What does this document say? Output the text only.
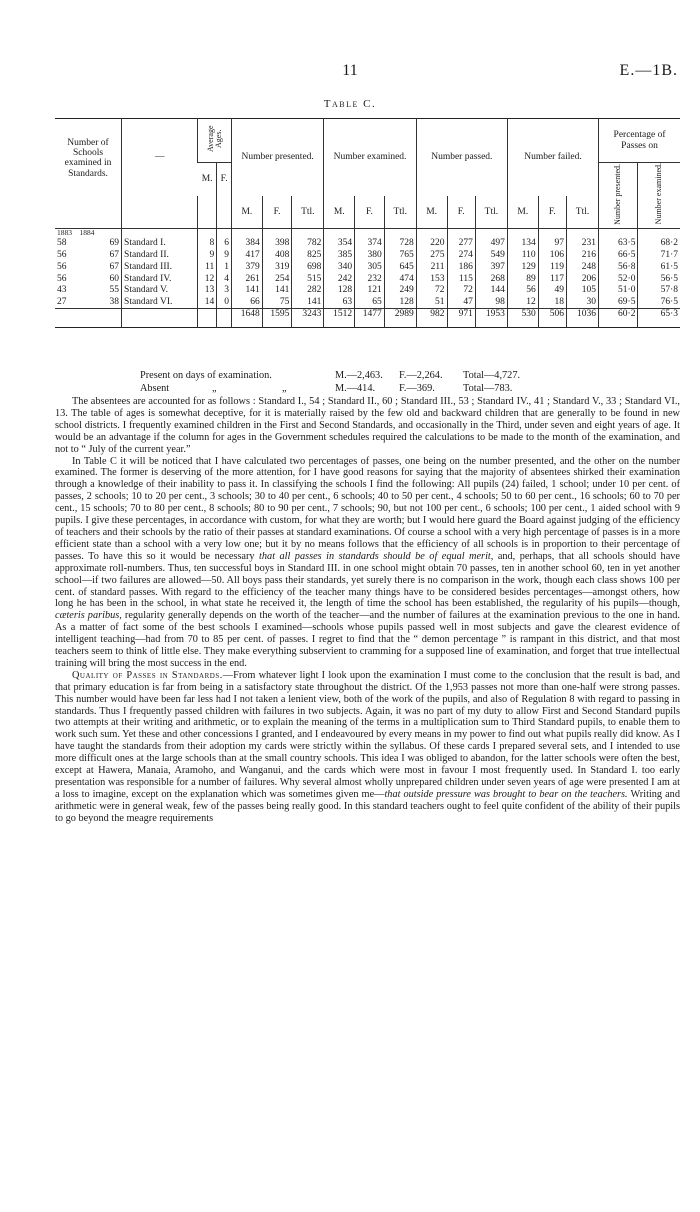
11	E.—1B.
Table C.
Number of Schools examined in Standards.	—	Average Ages.		Number presented.			Number examined.			Number passed.			Number failed.			Percentage of Passes on	
		M.	F.													Number presented.	Number examined.
				M.	F.	Ttl.	M.	F.	Ttl.	M.	F.	Ttl.	M.	F.	Ttl.		
1883 1884																	
58 69	Standard I.	8	6	384	398	782	354	374	728	220	277	497	134	97	231	63·5	68·2
56 67	Standard II.	9	9	417	408	825	385	380	765	275	274	549	110	106	216	66·5	71·7
56 67	Standard III.	11	1	379	319	698	340	305	645	211	186	397	129	119	248	56·8	61·5
56 60	Standard IV.	12	4	261	254	515	242	232	474	153	115	268	89	117	206	52·0	56·5
43 55	Standard V.	13	3	141	141	282	128	121	249	72	72	144	56	49	105	51·0	57·8
27 38	Standard VI.	14	0	66	75	141	63	65	128	51	47	98	12	18	30	69·5	76·5
				1648	1595	3243	1512	1477	2989	982	971	1953	530	506	1036	60·2	65·3

Present on days of examination.	M.—2,463. F.—2,264. Total—4,727.
Absent	„	„	M.—414. F.—369.	Total—783.

The absentees are accounted for as follows : Standard I., 54 ; Standard II., 60 ; Standard III., 53 ; Standard IV., 41 ; Standard V., 33 ; Standard VI., 13. The table of ages is somewhat deceptive, for it is materially raised by the few old and backward children that are generally to be found in new school districts. I frequently examined children in the First and Second Standards, and occasionally in the Third, under seven and eight years of age. It would be an advantage if the column for ages in the Government schedules required the calculations to be made to the month of the examination, and not to “ July of the current year.”

In Table C it will be noticed that I have calculated two percentages of passes, one being on the number presented, and the other on the number examined. The former is deserving of the more attention, for I have good reasons for saying that the majority of absentees shirked their examination through a knowledge of their inability to pass it. In classifying the schools I find the following: All pupils (24) failed, 1 school; under 10 per cent. of passes, 2 schools; 10 to 20 per cent., 3 schools; 30 to 40 per cent., 6 schools; 40 to 50 per cent., 4 schools; 50 to 60 per cent., 16 schools; 60 to 70 per cent., 15 schools; 70 to 80 per cent., 8 schools; 80 to 90 per cent., 7 schools; 90, but not 100 per cent., 6 schools; 100 per cent., 1 aided school with 9 pupils. I give these percentages, in accordance with custom, for what they are worth; but I would here guard the Board against judging of the efficiency of teachers and their schools by the ratio of their passes at standard examinations. Of course a school with a very high percentage of passes is in a more efficient state than a school with a very low one; but it by no means follows that the efficiency of all schools is in proportion to their percentage of passes. To have this so it would be necessary that all passes in standards should be of equal merit, and, perhaps, that all schools should have approximate roll-numbers. Thus, ten successful boys in Standard III. in one school might obtain 70 passes, ten in another school 60, ten in yet another school—if two failures are allowed—50. All boys pass their standards, yet surely there is no comparison in the work, though each class shows 100 per cent. of standard passes. With regard to the efficiency of the teacher many things have to be considered besides percentages—amongst others, how long he has been in the school, in what state he received it, the length of time the school has been established, the regularity of his pupils—though, cæteris paribus, regularity generally depends on the worth of the teacher—and the number of failures at the examination previous to the one in hand. As a matter of fact some of the best schools I examined—schools whose pupils passed well in most subjects and gave the clearest evidence of intelligent teaching—had from 70 to 85 per cent. of passes. I regret to find that the “ demon percentage ” is rampant in this district, and that most teachers seem to think of little else. They make everything subservient to cramming for a supposed line of examination, and forget that true intellectual training will bring the most success in the end.

Quality of Passes in Standards.—From whatever light I look upon the examination I must come to the conclusion that the result is bad, and that primary education is far from being in a satisfactory state throughout the district. Of the 1,953 passes not more than one-half were strong passes. This number would have been far less had I not taken a lenient view, both of the work of the pupils, and also of Regulation 8 with regard to passing in standards. Thus I frequently passed children with failures in two subjects. Again, it was no part of my duty to allow First and Second Standard pupils two attempts at their writing and arithmetic, or to explain the meaning of the terms in a multiplication sum to Third Standard pupils, to enable them to work such sum. Yet these and other concessions I granted, and I endeavoured by every means in my power to find out what pupils really did know. As I have taught the standards from their adoption my cards were strictly within the syllabus. Of these cards I prepared several sets, and I intended to use more difficult ones at the large schools than at the small country schools. This idea I was obliged to abandon, for the latter schools were often the best, except at Hawera, Manaia, Aramoho, and Wanganui, and the cards which were most in favour I most frequently used. In Standard I. too early presentation was responsible for a number of failures. Why several almost wholly unprepared children under seven years of age were presented I am at a loss to imagine, except on the explanation which was sometimes given me—that outside pressure was brought to bear on the teachers. Writing and arithmetic were in general weak, few of the passes being really good. In this standard teachers ought to feel quite confident of the ability of their pupils to go beyond the meagre requirements
